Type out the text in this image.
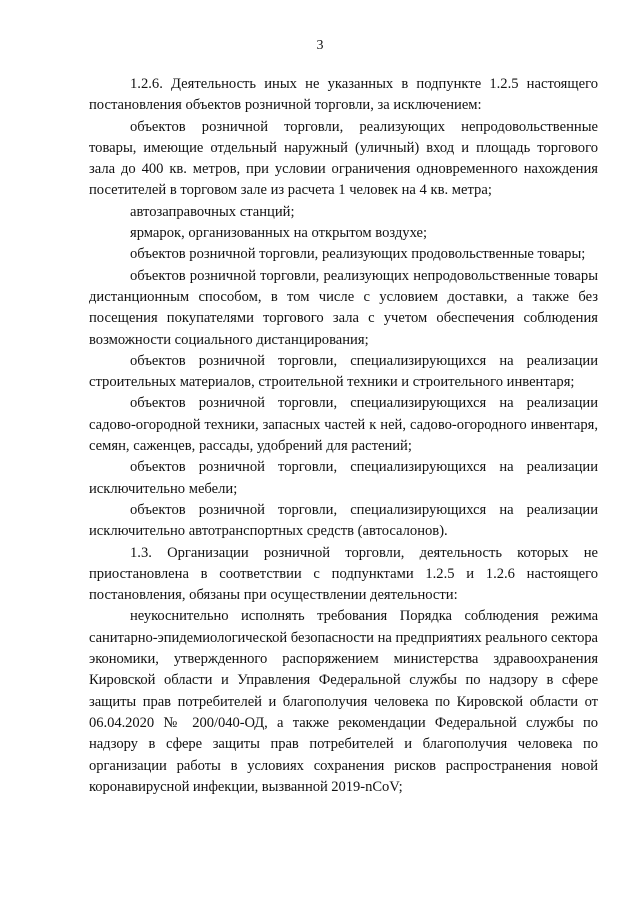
3

1.2.6. Деятельность иных не указанных в подпункте 1.2.5 настоящего постановления объектов розничной торговли, за исключением:

объектов розничной торговли, реализующих непродовольственные товары, имеющие отдельный наружный (уличный) вход и площадь торгового зала до 400 кв. метров, при условии ограничения одновременного нахождения посетителей в торговом зале из расчета 1 человек на 4 кв. метра;

автозаправочных станций;

ярмарок, организованных на открытом воздухе;

объектов розничной торговли, реализующих продовольственные товары;

объектов розничной торговли, реализующих непродовольственные товары дистанционным способом, в том числе с условием доставки, а также без посещения покупателями торгового зала с учетом обеспечения соблюдения возможности социального дистанцирования;

объектов розничной торговли, специализирующихся на реализации строительных материалов, строительной техники и строительного инвентаря;

объектов розничной торговли, специализирующихся на реализации садово-огородной техники, запасных частей к ней, садово-огородного инвентаря, семян, саженцев, рассады, удобрений для растений;

объектов розничной торговли, специализирующихся на реализации исключительно мебели;

объектов розничной торговли, специализирующихся на реализации исключительно автотранспортных средств (автосалонов).

1.3. Организации розничной торговли, деятельность которых не приостановлена в соответствии с подпунктами 1.2.5 и 1.2.6 настоящего постановления, обязаны при осуществлении деятельности:

неукоснительно исполнять требования Порядка соблюдения режима санитарно-эпидемиологической безопасности на предприятиях реального сектора экономики, утвержденного распоряжением министерства здравоохранения Кировской области и Управления Федеральной службы по надзору в сфере защиты прав потребителей и благополучия человека по Кировской области от 06.04.2020 № 200/040-ОД, а также рекомендации Федеральной службы по надзору в сфере защиты прав потребителей и благополучия человека по организации работы в условиях сохранения рисков распространения новой коронавирусной инфекции, вызванной 2019-nCoV;
